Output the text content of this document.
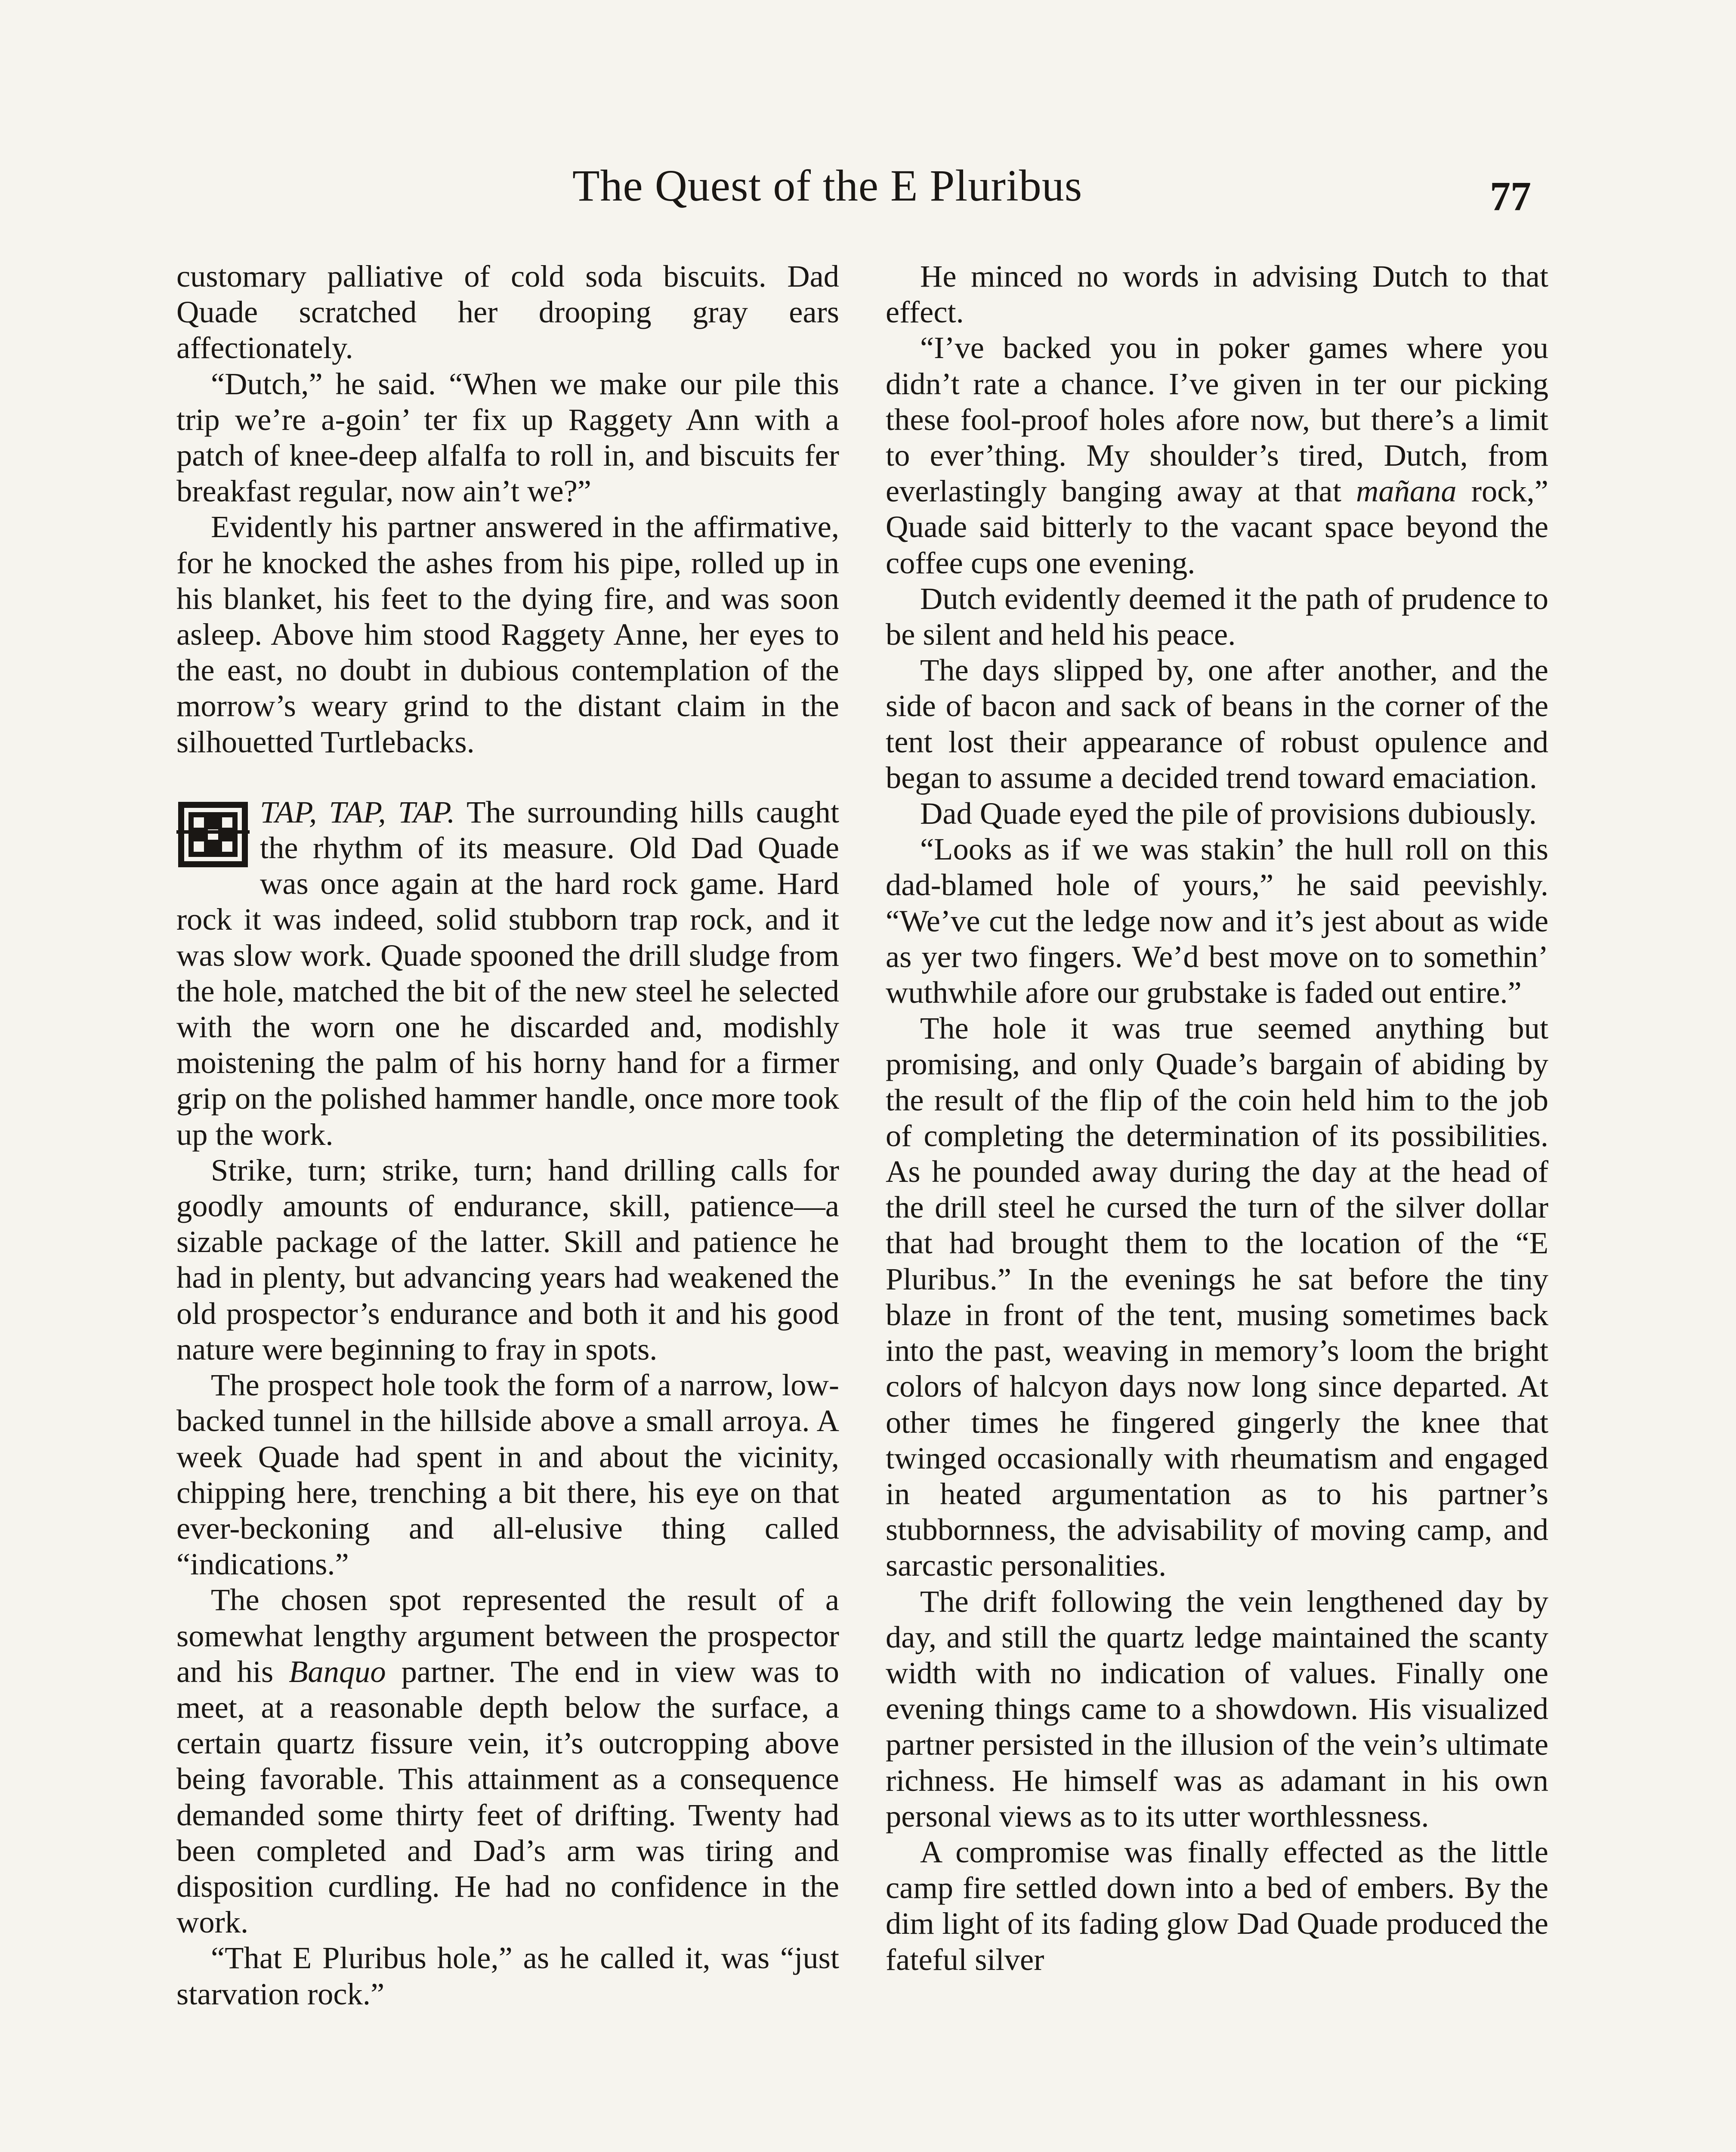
The Quest of the E Pluribus	77

customary palliative of cold soda biscuits. Dad Quade scratched her drooping gray ears affectionately.

“Dutch,” he said. “When we make our pile this trip we’re a-goin’ ter fix up Raggety Ann with a patch of knee-deep alfalfa to roll in, and biscuits fer breakfast regular, now ain’t we?”

Evidently his partner answered in the affirmative, for he knocked the ashes from his pipe, rolled up in his blanket, his feet to the dying fire, and was soon asleep. Above him stood Raggety Anne, her eyes to the east, no doubt in dubious contemplation of the morrow’s weary grind to the distant claim in the silhouetted Turtlebacks.

TAP, TAP, TAP. The surrounding hills caught the rhythm of its measure. Old Dad Quade was once again at the hard rock game. Hard rock it was indeed, solid stubborn trap rock, and it was slow work. Quade spooned the drill sludge from the hole, matched the bit of the new steel he selected with the worn one he discarded and, modishly moistening the palm of his horny hand for a firmer grip on the polished hammer handle, once more took up the work.

Strike, turn; strike, turn; hand drilling calls for goodly amounts of endurance, skill, patience—a sizable package of the latter. Skill and patience he had in plenty, but advancing years had weakened the old prospector’s endurance and both it and his good nature were beginning to fray in spots.

The prospect hole took the form of a narrow, low-backed tunnel in the hillside above a small arroya. A week Quade had spent in and about the vicinity, chipping here, trenching a bit there, his eye on that ever-beckoning and all-elusive thing called “indications.”

The chosen spot represented the result of a somewhat lengthy argument between the prospector and his Banquo partner. The end in view was to meet, at a reasonable depth below the surface, a certain quartz fissure vein, it’s outcropping above being favorable. This attainment as a consequence demanded some thirty feet of drifting. Twenty had been completed and Dad’s arm was tiring and disposition curdling. He had no confidence in the work.

“That E Pluribus hole,” as he called it, was “just starvation rock.”

He minced no words in advising Dutch to that effect.

“I’ve backed you in poker games where you didn’t rate a chance. I’ve given in ter our picking these fool-proof holes afore now, but there’s a limit to ever’thing. My shoulder’s tired, Dutch, from everlastingly banging away at that mañana rock,” Quade said bitterly to the vacant space beyond the coffee cups one evening.

Dutch evidently deemed it the path of prudence to be silent and held his peace.

The days slipped by, one after another, and the side of bacon and sack of beans in the corner of the tent lost their appearance of robust opulence and began to assume a decided trend toward emaciation.

Dad Quade eyed the pile of provisions dubiously.

“Looks as if we was stakin’ the hull roll on this dad-blamed hole of yours,” he said peevishly. “We’ve cut the ledge now and it’s jest about as wide as yer two fingers. We’d best move on to somethin’ wuthwhile afore our grubstake is faded out entire.”

The hole it was true seemed anything but promising, and only Quade’s bargain of abiding by the result of the flip of the coin held him to the job of completing the determination of its possibilities. As he pounded away during the day at the head of the drill steel he cursed the turn of the silver dollar that had brought them to the location of the “E Pluribus.” In the evenings he sat before the tiny blaze in front of the tent, musing sometimes back into the past, weaving in memory’s loom the bright colors of halcyon days now long since departed. At other times he fingered gingerly the knee that twinged occasionally with rheumatism and engaged in heated argumentation as to his partner’s stubbornness, the advisability of moving camp, and sarcastic personalities.

The drift following the vein lengthened day by day, and still the quartz ledge maintained the scanty width with no indication of values. Finally one evening things came to a showdown. His visualized partner persisted in the illusion of the vein’s ultimate richness. He himself was as adamant in his own personal views as to its utter worthlessness.

A compromise was finally effected as the little camp fire settled down into a bed of embers. By the dim light of its fading glow Dad Quade produced the fateful silver
